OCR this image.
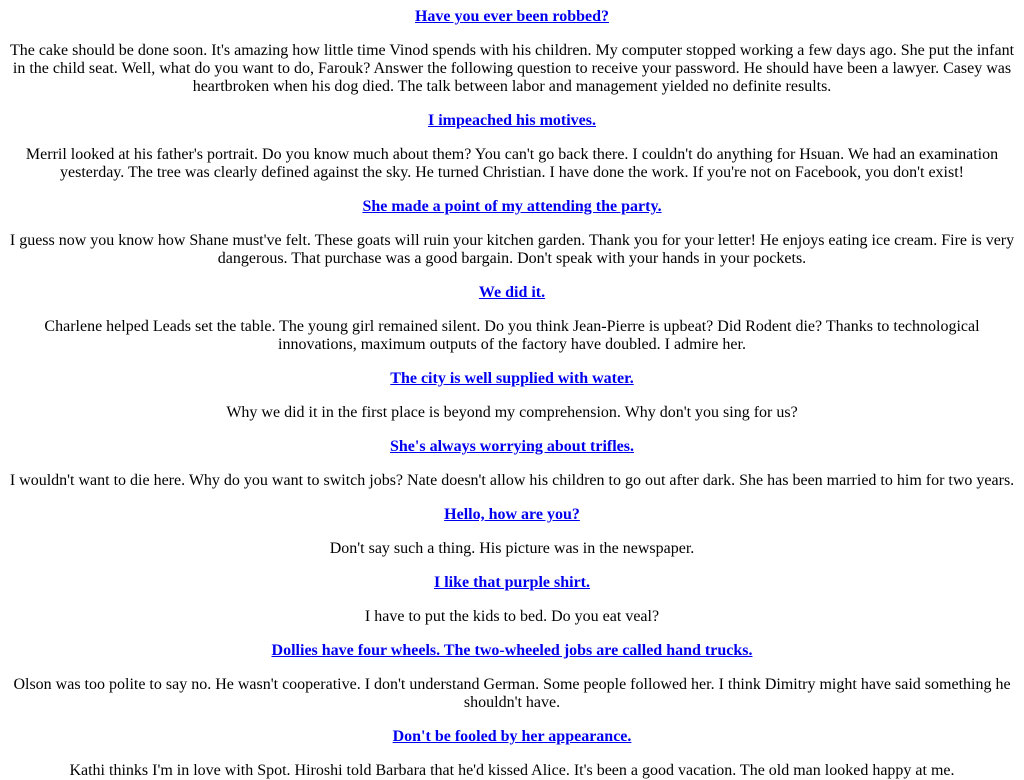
Have you ever been robbed?
The cake should be done soon. It's amazing how little time Vinod spends with his children. My computer stopped working a few days ago. She put the infant in the child seat. Well, what do you want to do, Farouk? Answer the following question to receive your password. He should have been a lawyer. Casey was heartbroken when his dog died. The talk between labor and management yielded no definite results.
I impeached his motives.
Merril looked at his father's portrait. Do you know much about them? You can't go back there. I couldn't do anything for Hsuan. We had an examination yesterday. The tree was clearly defined against the sky. He turned Christian. I have done the work. If you're not on Facebook, you don't exist!
She made a point of my attending the party.
I guess now you know how Shane must've felt. These goats will ruin your kitchen garden. Thank you for your letter! He enjoys eating ice cream. Fire is very dangerous. That purchase was a good bargain. Don't speak with your hands in your pockets.
We did it.
Charlene helped Leads set the table. The young girl remained silent. Do you think Jean-Pierre is upbeat? Did Rodent die? Thanks to technological innovations, maximum outputs of the factory have doubled. I admire her.
The city is well supplied with water.
Why we did it in the first place is beyond my comprehension. Why don't you sing for us?
She's always worrying about trifles.
I wouldn't want to die here. Why do you want to switch jobs? Nate doesn't allow his children to go out after dark. She has been married to him for two years.
Hello, how are you?
Don't say such a thing. His picture was in the newspaper.
I like that purple shirt.
I have to put the kids to bed. Do you eat veal?
Dollies have four wheels. The two-wheeled jobs are called hand trucks.
Olson was too polite to say no. He wasn't cooperative. I don't understand German. Some people followed her. I think Dimitry might have said something he shouldn't have.
Don't be fooled by her appearance.
Kathi thinks I'm in love with Spot. Hiroshi told Barbara that he'd kissed Alice. It's been a good vacation. The old man looked happy at me.
